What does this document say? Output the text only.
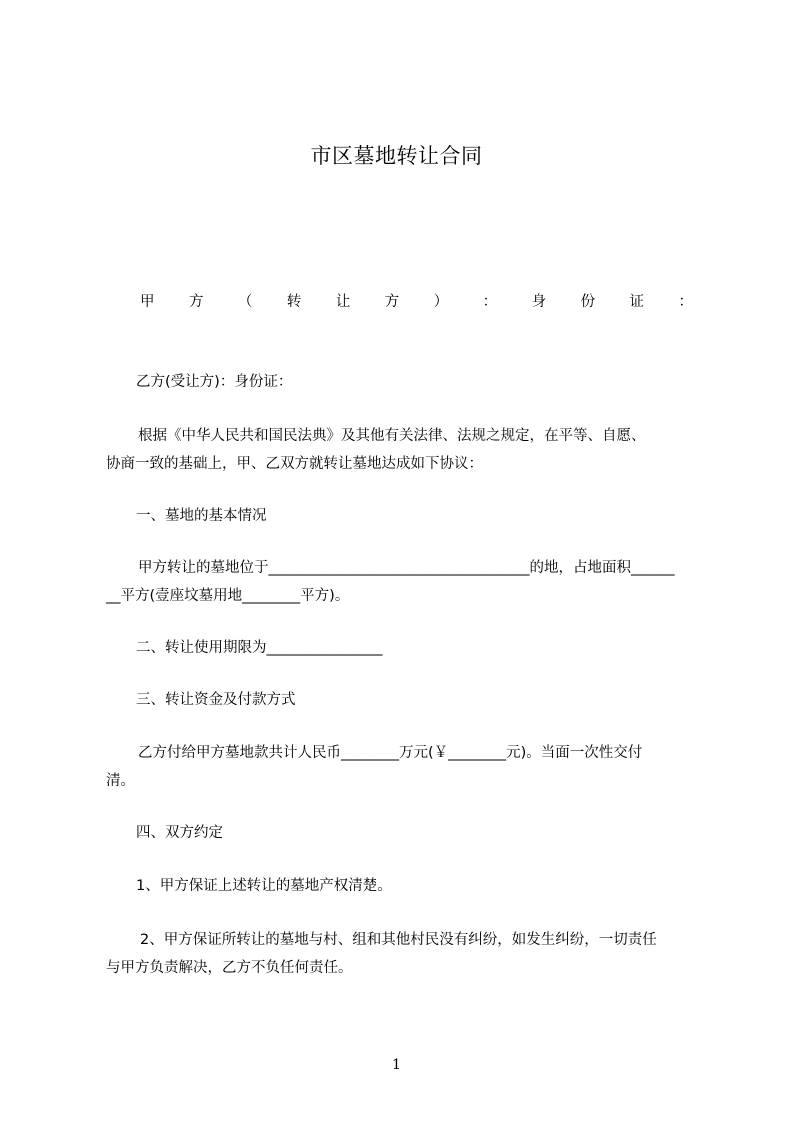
市区墓地转让合同
甲 方 （ 转 让 方 ） ： 身 份 证 ：
乙方(受让方)：身份证：
根据《中华人民共和国民法典》及其他有关法律、法规之规定，在平等、自愿、
协商一致的基础上，甲、乙双方就转让墓地达成如下协议：
一、墓地的基本情况
甲方转让的墓地位于____________________________________的地，占地面积______
__平方(壹座坟墓用地________平方)。
二、转让使用期限为________________
三、转让资金及付款方式
乙方付给甲方墓地款共计人民币________万元(￥________元)。当面一次性交付
清。
四、双方约定
1、甲方保证上述转让的墓地产权清楚。
2、甲方保证所转让的墓地与村、组和其他村民没有纠纷，如发生纠纷，一切责任
与甲方负责解决，乙方不负任何责任。
1
